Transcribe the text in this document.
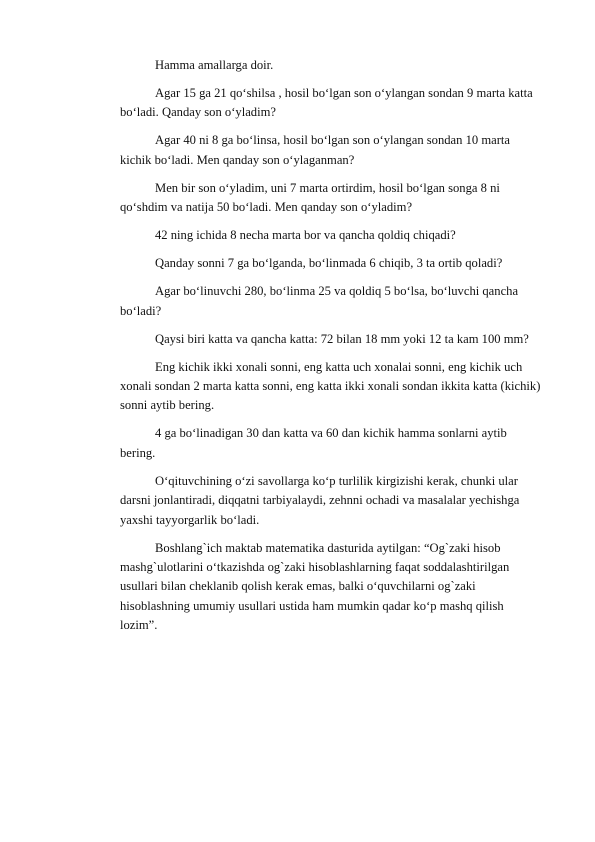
Hamma amallarga doir.
Agar 15 ga 21 qo‘shilsa , hosil bo‘lgan son o‘ylangan sondan 9 marta katta
bo‘ladi. Qanday son o‘yladim?
Agar 40 ni 8 ga bo‘linsa, hosil bo‘lgan son o‘ylangan sondan 10 marta
kichik bo‘ladi. Men qanday son o‘ylaganman?
Men bir son o‘yladim, uni 7 marta ortirdim, hosil bo‘lgan songa 8 ni
qo‘shdim va natija 50 bo‘ladi. Men qanday son o‘yladim?
42 ning ichida 8 necha marta bor va qancha qoldiq chiqadi?
Qanday sonni 7 ga bo‘lganda, bo‘linmada 6 chiqib, 3 ta ortib qoladi?
Agar bo‘linuvchi 280, bo‘linma 25 va qoldiq 5 bo‘lsa, bo‘luvchi qancha
bo‘ladi?
Qaysi biri katta va qancha katta: 72 bilan 18 mm yoki 12 ta kam 100 mm?
Eng kichik ikki xonali sonni, eng katta uch xonalai sonni, eng kichik uch
xonali sondan 2 marta katta sonni, eng katta ikki xonali sondan ikkita katta (kichik)
sonni aytib bering.
4 ga bo‘linadigan 30 dan katta va 60 dan kichik hamma sonlarni aytib
bering.
O‘qituvchining o‘zi savollarga ko‘p turlilik kirgizishi kerak, chunki ular
darsni jonlantiradi, diqqatni tarbiyalaydi, zehnni ochadi va masalalar yechishga
yaxshi tayyorgarlik bo‘ladi.
Boshlang`ich maktab matematika dasturida aytilgan: “Og`zaki hisob
mashg`ulotlarini o‘tkazishda og`zaki hisoblashlarning faqat soddalashtirilgan
usullari bilan cheklanib qolish kerak emas, balki o‘quvchilarni og`zaki
hisoblashning umumiy usullari ustida ham mumkin qadar ko‘p mashq qilish
lozim”.
